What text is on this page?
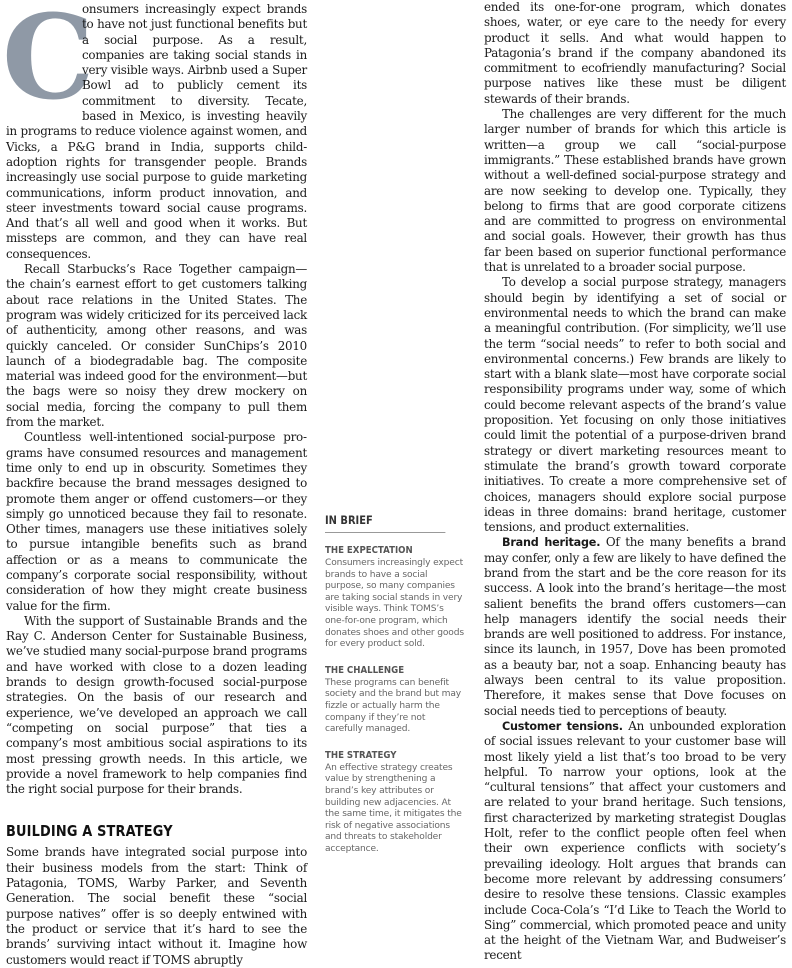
C

onsumers increasingly expect brands to have not just functional benefits but a social purpose. As a result, companies are taking social stands in very visible ways. Airbnb used a Super Bowl ad to publicly cement its commitment to diversity. Tecate, based in Mexico, is investing heavily in programs to reduce violence against women, and Vicks, a P&G brand in India, supports child-adoption rights for transgender people. Brands increasingly use social purpose to guide marketing communications, inform product innovation, and steer investments toward social cause programs. And that’s all well and good when it works. But missteps are common, and they can have real consequences.

Recall Starbucks’s Race Together campaign—the chain’s earnest effort to get customers talking about race relations in the United States. The program was widely criticized for its perceived lack of authenticity, among other reasons, and was quickly canceled. Or consider SunChips’s 2010 launch of a biodegradable bag. The composite material was indeed good for the environment—but the bags were so noisy they drew mockery on social media, forcing the company to pull them from the market.

Countless well-intentioned social-purpose programs have consumed resources and management time only to end up in obscurity. Sometimes they backfire because the brand messages designed to promote them anger or offend customers—or they simply go unnoticed because they fail to resonate. Other times, managers use these initiatives solely to pursue intangible benefits such as brand affection or as a means to communicate the company’s corporate social responsibility, without consideration of how they might create business value for the firm.

With the support of Sustainable Brands and the Ray C. Anderson Center for Sustainable Business, we’ve studied many social-purpose brand programs and have worked with close to a dozen leading brands to design growth-focused social-purpose strategies. On the basis of our research and experience, we’ve developed an approach we call “competing on social purpose” that ties a company’s most ambitious social aspirations to its most pressing growth needs. In this article, we provide a novel framework to help companies find the right social purpose for their brands.

BUILDING A STRATEGY

Some brands have integrated social purpose into their business models from the start: Think of Patagonia, TOMS, Warby Parker, and Seventh Generation. The social benefit these “social purpose natives” offer is so deeply entwined with the product or service that it’s hard to see the brands’ surviving intact without it. Imagine how customers would react if TOMS abruptly

IN BRIEF
THE EXPECTATION

Consumers increasingly expect brands to have a social purpose, so many companies are taking social stands in very visible ways. Think TOMS’s one-for-one program, which donates shoes and other goods for every product sold.

THE CHALLENGE

These programs can benefit society and the brand but may fizzle or actually harm the company if they’re not carefully managed.

THE STRATEGY

An effective strategy creates value by strengthening a brand’s key attributes or building new adjacencies. At the same time, it mitigates the risk of negative associations and threats to stakeholder acceptance.

ended its one-for-one program, which donates shoes, water, or eye care to the needy for every product it sells. And what would happen to Patagonia’s brand if the company abandoned its commitment to ecofriendly manufacturing? Social purpose natives like these must be diligent stewards of their brands.

The challenges are very different for the much larger number of brands for which this article is written—a group we call “social-purpose immigrants.” These established brands have grown without a well-defined social-purpose strategy and are now seeking to develop one. Typically, they belong to firms that are good corporate citizens and are committed to progress on environmental and social goals. However, their growth has thus far been based on superior functional performance that is unrelated to a broader social purpose.

To develop a social purpose strategy, managers should begin by identifying a set of social or environmental needs to which the brand can make a meaningful contribution. (For simplicity, we’ll use the term “social needs” to refer to both social and environmental concerns.) Few brands are likely to start with a blank slate—most have corporate social responsibility programs under way, some of which could become relevant aspects of the brand’s value proposition. Yet focusing on only those initiatives could limit the potential of a purpose-driven brand strategy or divert marketing resources meant to stimulate the brand’s growth toward corporate initiatives. To create a more comprehensive set of choices, managers should explore social purpose ideas in three domains: brand heritage, customer tensions, and product externalities.

Brand heritage. Of the many benefits a brand may confer, only a few are likely to have defined the brand from the start and be the core reason for its success. A look into the brand’s heritage—the most salient benefits the brand offers customers—can help managers identify the social needs their brands are well positioned to address. For instance, since its launch, in 1957, Dove has been promoted as a beauty bar, not a soap. Enhancing beauty has always been central to its value proposition. Therefore, it makes sense that Dove focuses on social needs tied to perceptions of beauty.

Customer tensions. An unbounded exploration of social issues relevant to your customer base will most likely yield a list that’s too broad to be very helpful. To narrow your options, look at the “cultural tensions” that affect your customers and are related to your brand heritage. Such tensions, first characterized by marketing strategist Douglas Holt, refer to the conflict people often feel when their own experience conflicts with society’s prevailing ideology. Holt argues that brands can become more relevant by addressing consumers’ desire to resolve these tensions. Classic examples include Coca-Cola’s “I’d Like to Teach the World to Sing” commercial, which promoted peace and unity at the height of the Vietnam War, and Budweiser’s recent
